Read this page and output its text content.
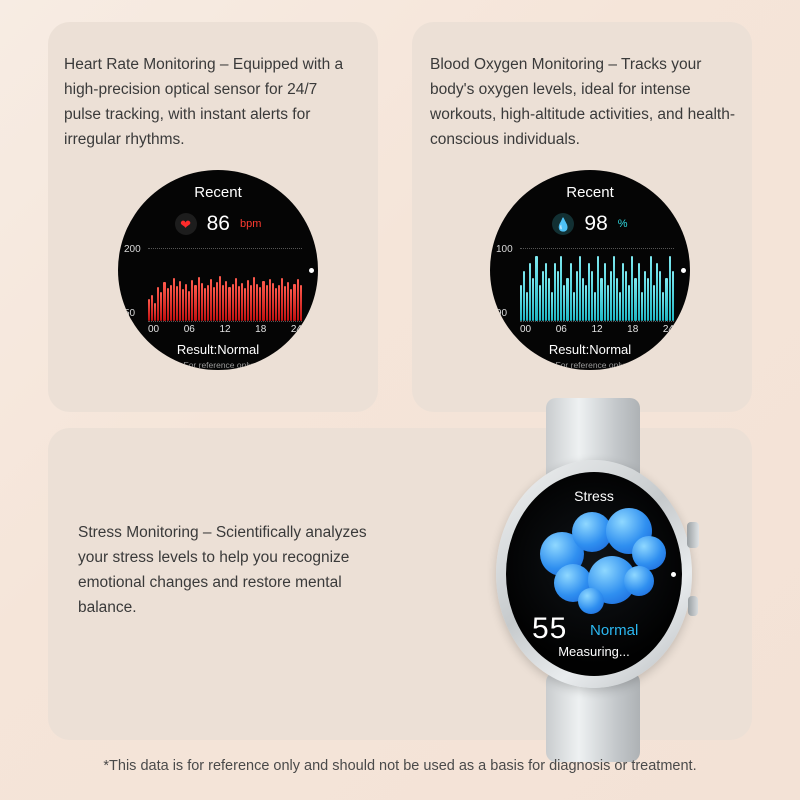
Heart Rate Monitoring – Equipped with a high-precision optical sensor for 24/7 pulse tracking, with instant alerts for irregular rhythms.
Recent
❤ 86 bpm
200
50
00 06 12 18 24
Result:Normal
For reference only
Blood Oxygen Monitoring – Tracks your body's oxygen levels, ideal for intense workouts, high-altitude activities, and health-conscious individuals.
Recent
💧 98 %
100
90
00 06 12 18 24
Result:Normal
For reference only
Stress Monitoring – Scientifically analyzes your stress levels to help you recognize emotional changes and restore mental balance.
Stress
55 Normal
Measuring...
*This data is for reference only and should not be used as a basis for diagnosis or treatment.
